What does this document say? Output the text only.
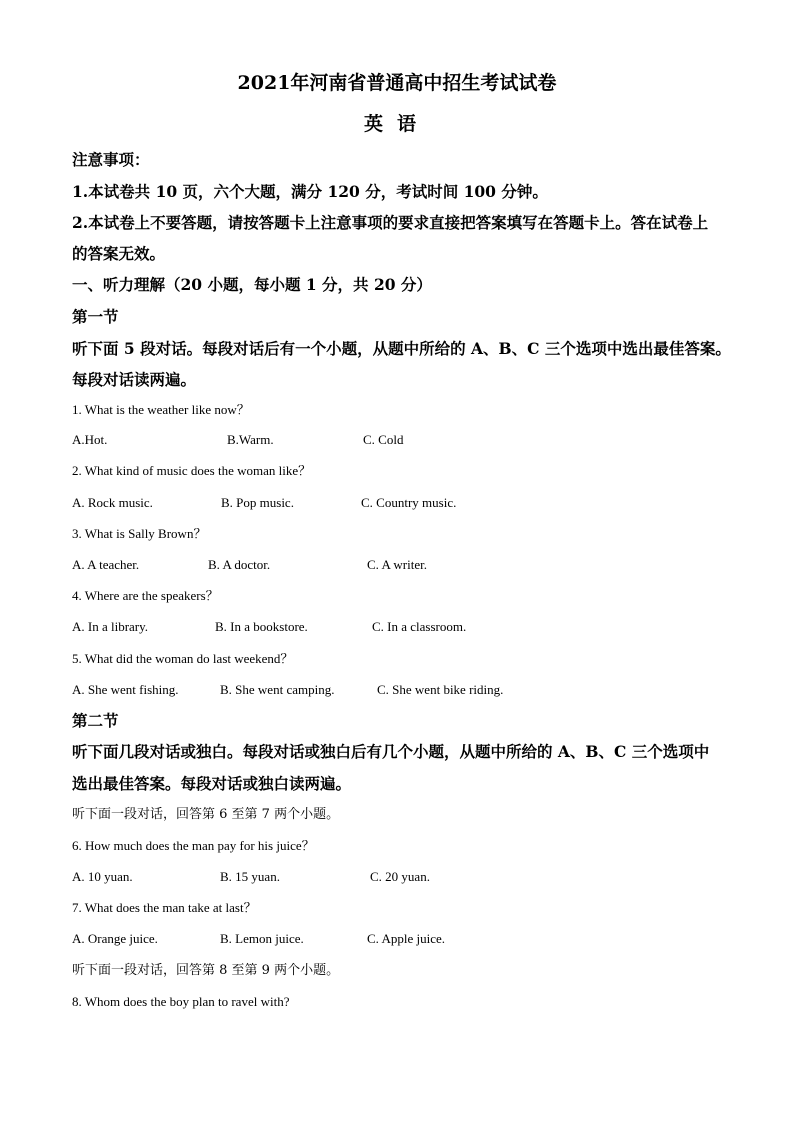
2021年河南省普通高中招生考试试卷
英语

注意事项：

1.本试卷共 10 页，六个大题，满分 120 分，考试时间 100 分钟。

2.本试卷上不要答题，请按答题卡上注意事项的要求直接把答案填写在答题卡上。答在试卷上

的答案无效。

一、听力理解（20 小题，每小题 1 分，共 20 分）

第一节

听下面 5 段对话。每段对话后有一个小题，从题中所给的 A、B、C 三个选项中选出最佳答案。

每段对话读两遍。

1. What is the weather like now？

A.Hot.	B.Warm.	C. Cold

2. What kind of music does the woman like？

A. Rock music.	B. Pop music.	C. Country music.

3. What is Sally Brown？

A. A teacher.	B. A doctor.	C. A writer.

4. Where are the speakers？

A. In a library.	B. In a bookstore.	C. In a classroom.

5. What did the woman do last weekend？

A. She went fishing.	B. She went camping.	C. She went bike riding.

第二节

听下面几段对话或独白。每段对话或独白后有几个小题，从题中所给的 A、B、C 三个选项中

选出最佳答案。每段对话或独白读两遍。

听下面一段对话，回答第 6 至第 7 两个小题。

6. How much does the man pay for his juice？

A. 10 yuan.	B. 15 yuan.	C. 20 yuan.

7. What does the man take at last？

A. Orange juice.	B. Lemon juice.	C. Apple juice.

听下面一段对话，回答第 8 至第 9 两个小题。

8. Whom does the boy plan to ravel with?
